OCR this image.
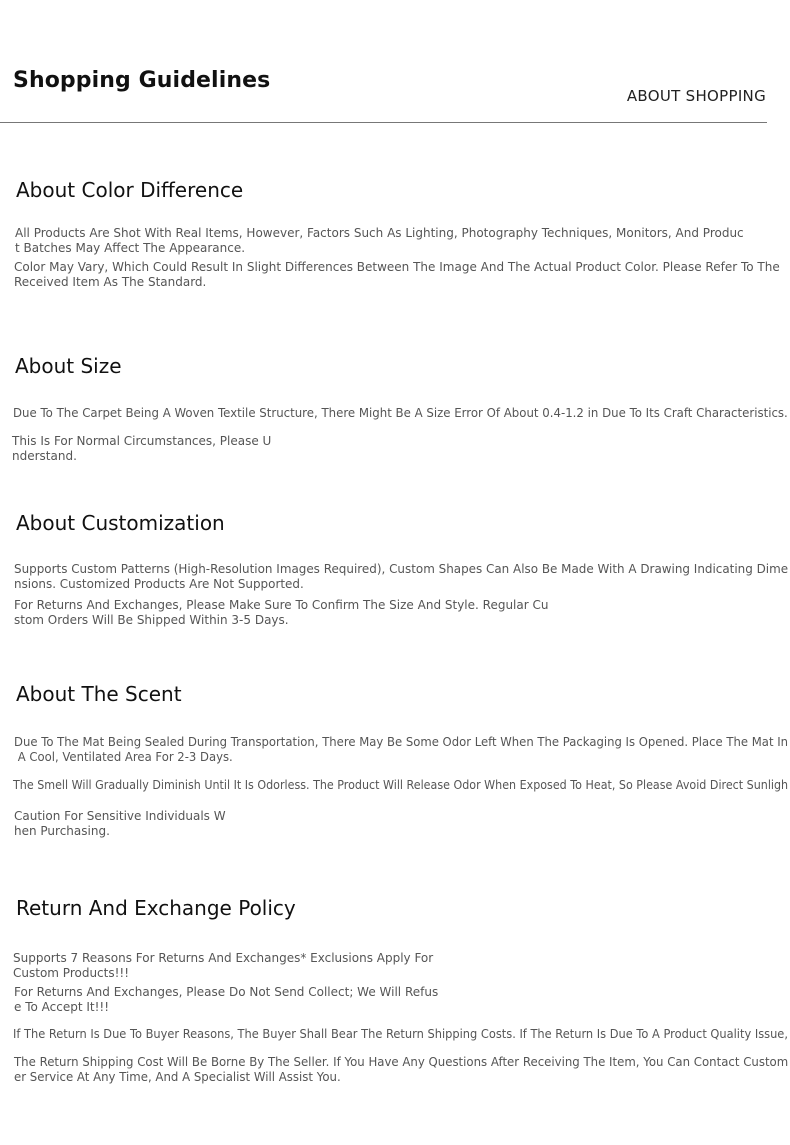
Shopping Guidelines
ABOUT SHOPPING
About Color Difference
All Products Are Shot With Real Items, However, Factors Such As Lighting, Photography Techniques, Monitors, And Produc
t Batches May Affect The Appearance.
Color May Vary, Which Could Result In Slight Differences Between The Image And The Actual Product Color. Please Refer To The
Received Item As The Standard.
About Size
Due To The Carpet Being A Woven Textile Structure, There Might Be A Size Error Of About 0.4-1.2 in Due To Its Craft Characteristics.
This Is For Normal Circumstances, Please U
nderstand.
About Customization
Supports Custom Patterns (High-Resolution Images Required), Custom Shapes Can Also Be Made With A Drawing Indicating Dime
nsions. Customized Products Are Not Supported.
For Returns And Exchanges, Please Make Sure To Confirm The Size And Style. Regular Cu
stom Orders Will Be Shipped Within 3-5 Days.
About The Scent
Due To The Mat Being Sealed During Transportation, There May Be Some Odor Left When The Packaging Is Opened. Place The Mat In
A Cool, Ventilated Area For 2-3 Days.
The Smell Will Gradually Diminish Until It Is Odorless. The Product Will Release Odor When Exposed To Heat, So Please Avoid Direct Sunligh
Caution For Sensitive Individuals W
hen Purchasing.
Return And Exchange Policy
Supports 7 Reasons For Returns And Exchanges* Exclusions Apply For
Custom Products!!!
For Returns And Exchanges, Please Do Not Send Collect; We Will Refus
e To Accept It!!!
If The Return Is Due To Buyer Reasons, The Buyer Shall Bear The Return Shipping Costs. If The Return Is Due To A Product Quality Issue,
The Return Shipping Cost Will Be Borne By The Seller. If You Have Any Questions After Receiving The Item, You Can Contact Custom
er Service At Any Time, And A Specialist Will Assist You.
